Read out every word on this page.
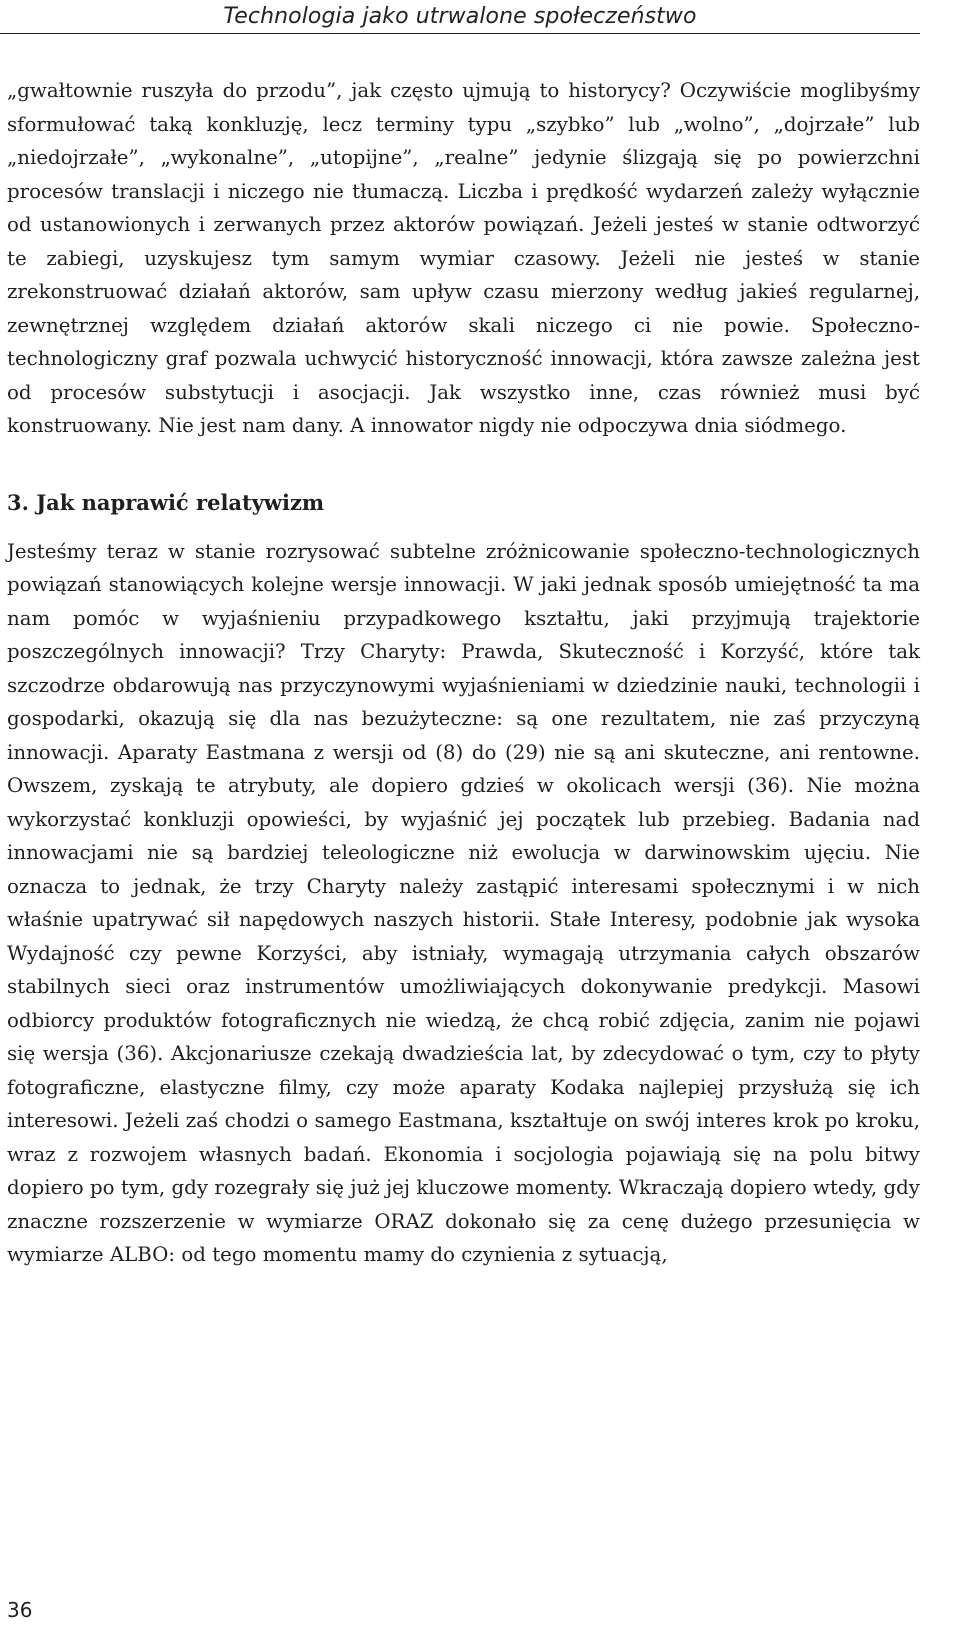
Technologia jako utrwalone społeczeństwo

„gwałtownie ruszyła do przodu”, jak często ujmują to historycy? Oczywiście moglibyśmy sformułować taką konkluzję, lecz terminy typu „szybko” lub „wolno”, „dojrzałe” lub „niedojrzałe”, „wykonalne”, „utopijne”, „realne” jedynie ślizgają się po powierzchni procesów translacji i niczego nie tłumaczą. Liczba i prędkość wydarzeń zależy wyłącznie od ustanowionych i zerwanych przez aktorów powiązań. Jeżeli jesteś w stanie odtworzyć te zabiegi, uzyskujesz tym samym wymiar czasowy. Jeżeli nie jesteś w stanie zrekonstruować działań aktorów, sam upływ czasu mierzony według jakieś regularnej, zewnętrznej względem działań aktorów skali niczego ci nie powie. Społeczno-technologiczny graf pozwala uchwycić historyczność innowacji, która zawsze zależna jest od procesów substytucji i asocjacji. Jak wszystko inne, czas również musi być konstruowany. Nie jest nam dany. A innowator nigdy nie odpoczywa dnia siódmego.

3. Jak naprawić relatywizm

Jesteśmy teraz w stanie rozrysować subtelne zróżnicowanie społeczno-technologicznych powiązań stanowiących kolejne wersje innowacji. W jaki jednak sposób umiejętność ta ma nam pomóc w wyjaśnieniu przypadkowego kształtu, jaki przyjmują trajektorie poszczególnych innowacji? Trzy Charyty: Prawda, Skuteczność i Korzyść, które tak szczodrze obdarowują nas przyczynowymi wyjaśnieniami w dziedzinie nauki, technologii i gospodarki, okazują się dla nas bezużyteczne: są one rezultatem, nie zaś przyczyną innowacji. Aparaty Eastmana z wersji od (8) do (29) nie są ani skuteczne, ani rentowne. Owszem, zyskają te atrybuty, ale dopiero gdzieś w okolicach wersji (36). Nie można wykorzystać konkluzji opowieści, by wyjaśnić jej początek lub przebieg. Badania nad innowacjami nie są bardziej teleologiczne niż ewolucja w darwinowskim ujęciu. Nie oznacza to jednak, że trzy Charyty należy zastąpić interesami społecznymi i w nich właśnie upatrywać sił napędowych naszych historii. Stałe Interesy, podobnie jak wysoka Wydajność czy pewne Korzyści, aby istniały, wymagają utrzymania całych obszarów stabilnych sieci oraz instrumentów umożliwiających dokonywanie predykcji. Masowi odbiorcy produktów fotograficznych nie wiedzą, że chcą robić zdjęcia, zanim nie pojawi się wersja (36). Akcjonariusze czekają dwadzieścia lat, by zdecydować o tym, czy to płyty fotograficzne, elastyczne filmy, czy może aparaty Kodaka najlepiej przysłużą się ich interesowi. Jeżeli zaś chodzi o samego Eastmana, kształtuje on swój interes krok po kroku, wraz z rozwojem własnych badań. Ekonomia i socjologia pojawiają się na polu bitwy dopiero po tym, gdy rozegrały się już jej kluczowe momenty. Wkraczają dopiero wtedy, gdy znaczne rozszerzenie w wymiarze ORAZ dokonało się za cenę dużego przesunięcia w wymiarze ALBO: od tego momentu mamy do czynienia z sytuacją,

36
